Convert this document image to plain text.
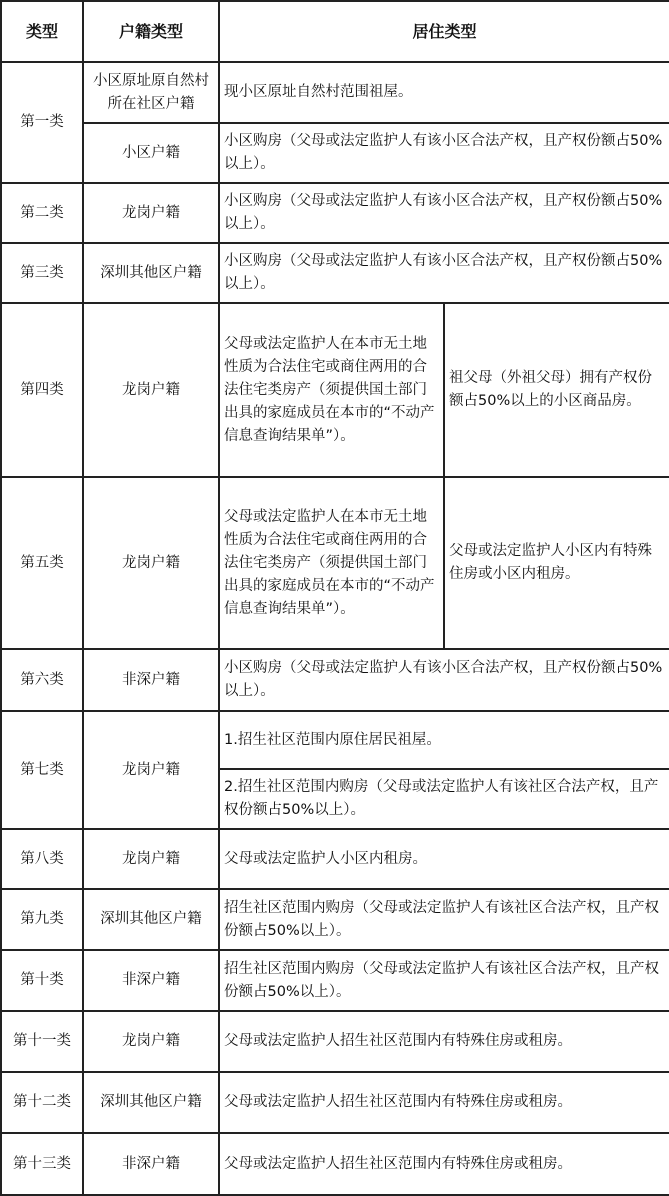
类型	户籍类型	居住类型	
第一类	小区原址原自然村所在社区户籍	现小区原址自然村范围祖屋。	
	小区户籍	小区购房（父母或法定监护人有该小区合法产权，且产权份额占50%以上）。	
第二类	龙岗户籍	小区购房（父母或法定监护人有该小区合法产权，且产权份额占50%以上）。	
第三类	深圳其他区户籍	小区购房（父母或法定监护人有该小区合法产权，且产权份额占50%以上）。	
第四类	龙岗户籍	父母或法定监护人在本市无土地性质为合法住宅或商住两用的合法住宅类房产（须提供国土部门出具的家庭成员在本市的“不动产信息查询结果单”）。	祖父母（外祖父母）拥有产权份额占50%以上的小区商品房。
第五类	龙岗户籍	父母或法定监护人在本市无土地性质为合法住宅或商住两用的合法住宅类房产（须提供国土部门出具的家庭成员在本市的“不动产信息查询结果单”）。	父母或法定监护人小区内有特殊住房或小区内租房。
第六类	非深户籍	小区购房（父母或法定监护人有该小区合法产权，且产权份额占50%以上）。	
第七类	龙岗户籍	1.招生社区范围内原住居民祖屋。	
		2.招生社区范围内购房（父母或法定监护人有该社区合法产权，且产权份额占50%以上）。	
第八类	龙岗户籍	父母或法定监护人小区内租房。	
第九类	深圳其他区户籍	招生社区范围内购房（父母或法定监护人有该社区合法产权，且产权份额占50%以上）。	
第十类	非深户籍	招生社区范围内购房（父母或法定监护人有该社区合法产权，且产权份额占50%以上）。	
第十一类	龙岗户籍	父母或法定监护人招生社区范围内有特殊住房或租房。	
第十二类	深圳其他区户籍	父母或法定监护人招生社区范围内有特殊住房或租房。	
第十三类	非深户籍	父母或法定监护人招生社区范围内有特殊住房或租房。	
